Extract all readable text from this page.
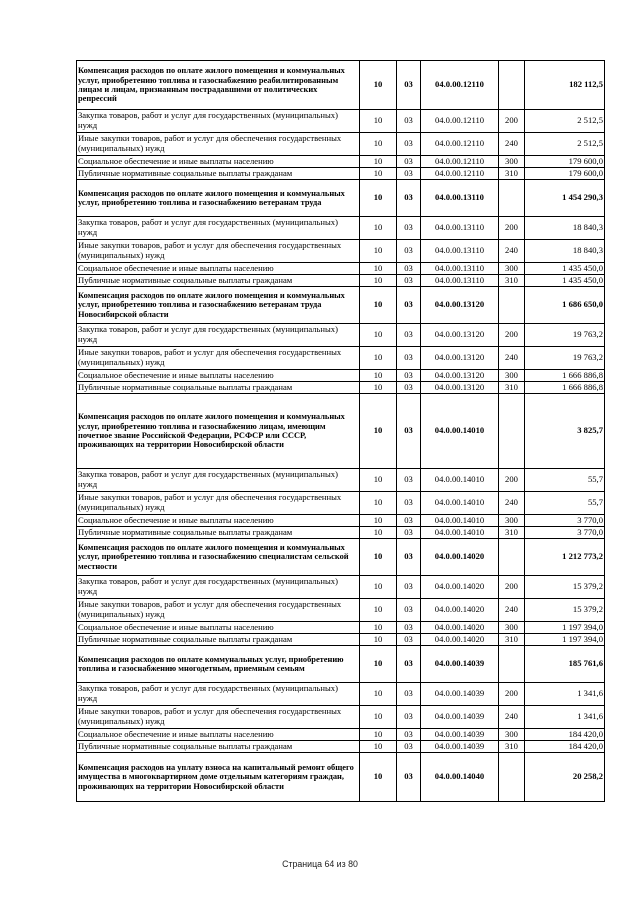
Компенсация расходов по оплате жилого помещения и коммунальных услуг, приобретению топлива и газоснабжению реабилитированным лицам и лицам, признанным пострадавшими от политических репрессий	10	03	04.0.00.12110		182 112,5
Закупка товаров, работ и услуг для государственных (муниципальных) нужд	10	03	04.0.00.12110	200	2 512,5
Иные закупки товаров, работ и услуг для обеспечения государственных (муниципальных) нужд	10	03	04.0.00.12110	240	2 512,5
Социальное обеспечение и иные выплаты населению	10	03	04.0.00.12110	300	179 600,0
Публичные нормативные социальные выплаты гражданам	10	03	04.0.00.12110	310	179 600,0
Компенсация расходов по оплате жилого помещения и коммунальных услуг, приобретению топлива и газоснабжению ветеранам труда	10	03	04.0.00.13110		1 454 290,3
Закупка товаров, работ и услуг для государственных (муниципальных) нужд	10	03	04.0.00.13110	200	18 840,3
Иные закупки товаров, работ и услуг для обеспечения государственных (муниципальных) нужд	10	03	04.0.00.13110	240	18 840,3
Социальное обеспечение и иные выплаты населению	10	03	04.0.00.13110	300	1 435 450,0
Публичные нормативные социальные выплаты гражданам	10	03	04.0.00.13110	310	1 435 450,0
Компенсация расходов по оплате жилого помещения и коммунальных услуг, приобретению топлива и газоснабжению ветеранам труда Новосибирской области	10	03	04.0.00.13120		1 686 650,0
Закупка товаров, работ и услуг для государственных (муниципальных) нужд	10	03	04.0.00.13120	200	19 763,2
Иные закупки товаров, работ и услуг для обеспечения государственных (муниципальных) нужд	10	03	04.0.00.13120	240	19 763,2
Социальное обеспечение и иные выплаты населению	10	03	04.0.00.13120	300	1 666 886,8
Публичные нормативные социальные выплаты гражданам	10	03	04.0.00.13120	310	1 666 886,8
Компенсация расходов по оплате жилого помещения и коммунальных услуг, приобретению топлива и газоснабжению лицам, имеющим почетное звание Российской Федерации, РСФСР или СССР, проживающих на территории Новосибирской области	10	03	04.0.00.14010		3 825,7
Закупка товаров, работ и услуг для государственных (муниципальных) нужд	10	03	04.0.00.14010	200	55,7
Иные закупки товаров, работ и услуг для обеспечения государственных (муниципальных) нужд	10	03	04.0.00.14010	240	55,7
Социальное обеспечение и иные выплаты населению	10	03	04.0.00.14010	300	3 770,0
Публичные нормативные социальные выплаты гражданам	10	03	04.0.00.14010	310	3 770,0
Компенсация расходов по оплате жилого помещения и коммунальных услуг, приобретению топлива и газоснабжению специалистам сельской местности	10	03	04.0.00.14020		1 212 773,2
Закупка товаров, работ и услуг для государственных (муниципальных) нужд	10	03	04.0.00.14020	200	15 379,2
Иные закупки товаров, работ и услуг для обеспечения государственных (муниципальных) нужд	10	03	04.0.00.14020	240	15 379,2
Социальное обеспечение и иные выплаты населению	10	03	04.0.00.14020	300	1 197 394,0
Публичные нормативные социальные выплаты гражданам	10	03	04.0.00.14020	310	1 197 394,0
Компенсация расходов по оплате коммунальных услуг, приобретению топлива и газоснабжению многодетным, приемным семьям	10	03	04.0.00.14039		185 761,6
Закупка товаров, работ и услуг для государственных (муниципальных) нужд	10	03	04.0.00.14039	200	1 341,6
Иные закупки товаров, работ и услуг для обеспечения государственных (муниципальных) нужд	10	03	04.0.00.14039	240	1 341,6
Социальное обеспечение и иные выплаты населению	10	03	04.0.00.14039	300	184 420,0
Публичные нормативные социальные выплаты гражданам	10	03	04.0.00.14039	310	184 420,0
Компенсация расходов на уплату взноса на капитальный ремонт общего имущества в многоквартирном доме отдельным категориям граждан, проживающих на территории Новосибирской области	10	03	04.0.00.14040		20 258,2
Страница 64 из 80
